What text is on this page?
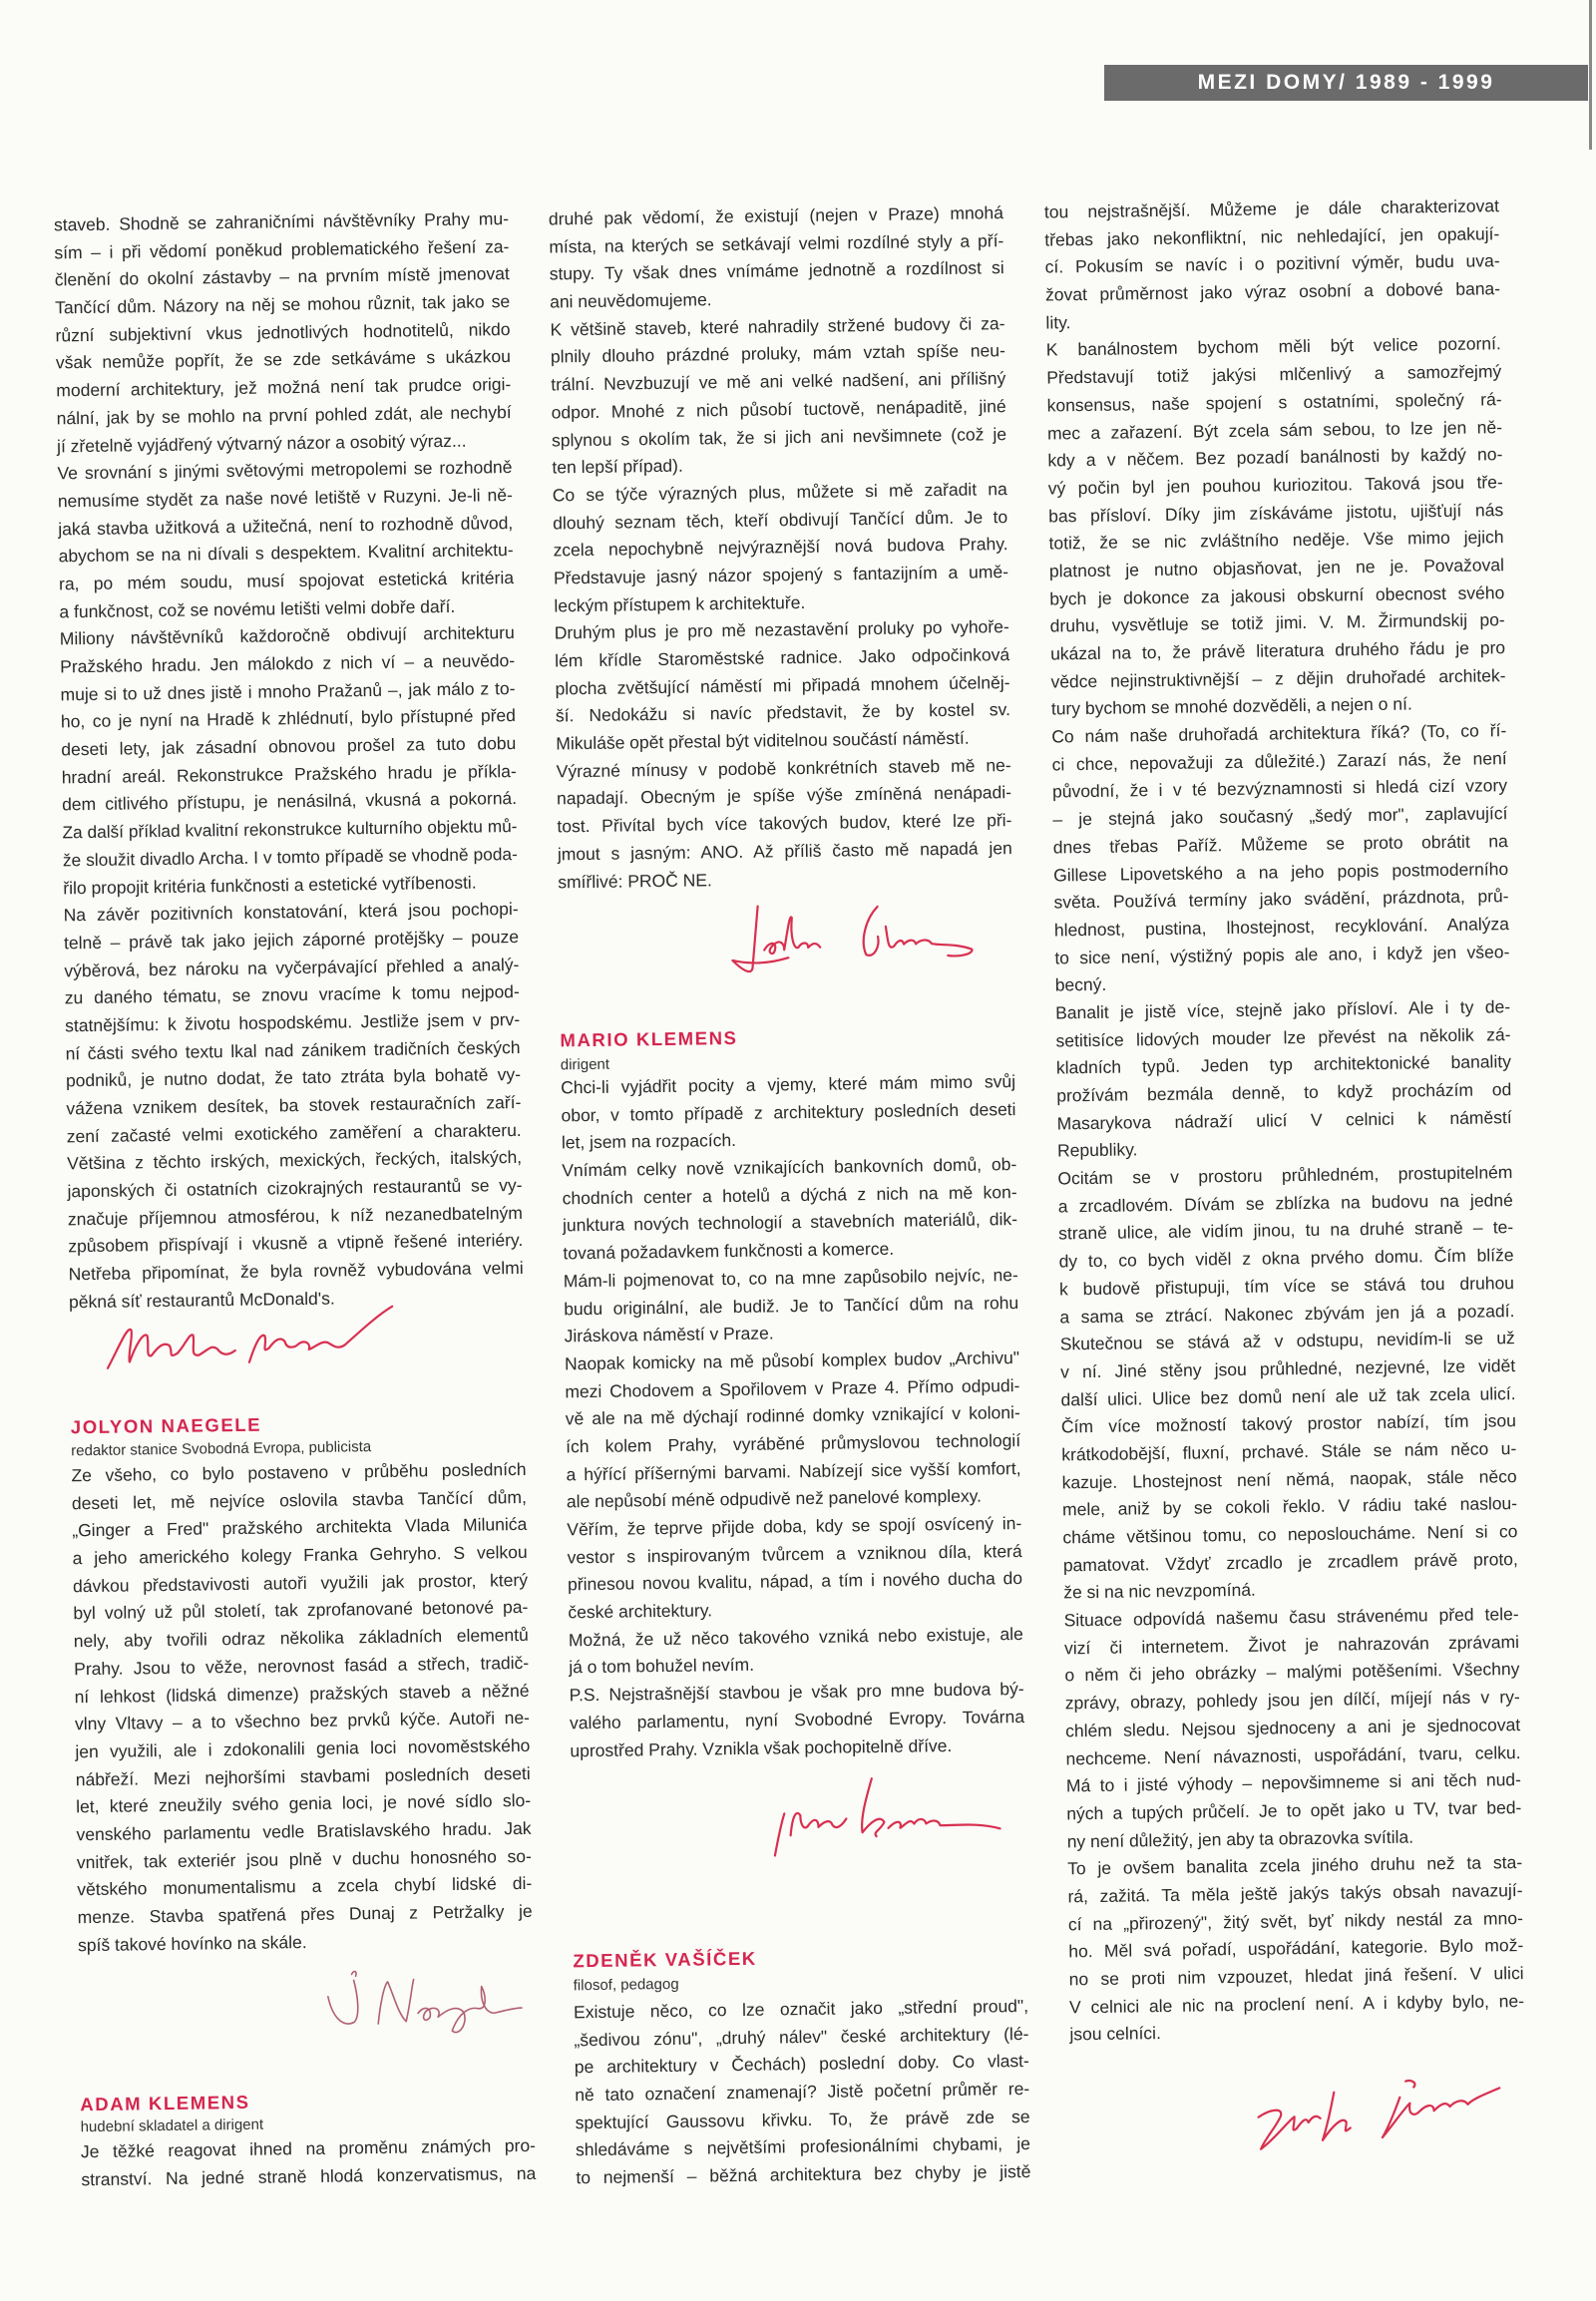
MEZI DOMY/ 1989 - 1999
staveb. Shodně se zahraničními návštěvníky Prahy mu-
sím – i při vědomí poněkud problematického řešení za-
členění do okolní zástavby – na prvním místě jmenovat
Tančící dům. Názory na něj se mohou různit, tak jako se
různí subjektivní vkus jednotlivých hodnotitelů, nikdo
však nemůže popřít, že se zde setkáváme s ukázkou
moderní architektury, jež možná není tak prudce origi-
nální, jak by se mohlo na první pohled zdát, ale nechybí
jí zřetelně vyjádřený výtvarný názor a osobitý výraz...
Ve srovnání s jinými světovými metropolemi se rozhodně
nemusíme stydět za naše nové letiště v Ruzyni. Je-li ně-
jaká stavba užitková a užitečná, není to rozhodně důvod,
abychom se na ni dívali s despektem. Kvalitní architektu-
ra, po mém soudu, musí spojovat estetická kritéria
a funkčnost, což se novému letišti velmi dobře daří.
Miliony návštěvníků každoročně obdivují architekturu
Pražského hradu. Jen málokdo z nich ví – a neuvědo-
muje si to už dnes jistě i mnoho Pražanů –, jak málo z to-
ho, co je nyní na Hradě k zhlédnutí, bylo přístupné před
deseti lety, jak zásadní obnovou prošel za tuto dobu
hradní areál. Rekonstrukce Pražského hradu je příkla-
dem citlivého přístupu, je nenásilná, vkusná a pokorná.
Za další příklad kvalitní rekonstrukce kulturního objektu mů-
že sloužit divadlo Archa. I v tomto případě se vhodně poda-
řilo propojit kritéria funkčnosti a estetické vytříbenosti.
Na závěr pozitivních konstatování, která jsou pochopi-
telně – právě tak jako jejich záporné protějšky – pouze
výběrová, bez nároku na vyčerpávající přehled a analý-
zu daného tématu, se znovu vracíme k tomu nejpod-
statnějšímu: k životu hospodskému. Jestliže jsem v prv-
ní části svého textu lkal nad zánikem tradičních českých
podniků, je nutno dodat, že tato ztráta byla bohatě vy-
vážena vznikem desítek, ba stovek restauračních zaří-
zení začasté velmi exotického zaměření a charakteru.
Většina z těchto irských, mexických, řeckých, italských,
japonských či ostatních cizokrajných restaurantů se vy-
značuje příjemnou atmosférou, k níž nezanedbatelným
způsobem přispívají i vkusně a vtipně řešené interiéry.
Netřeba připomínat, že byla rovněž vybudována velmi
pěkná síť restaurantů McDonald's.
JOLYON NAEGELE
redaktor stanice Svobodná Evropa, publicista
Ze všeho, co bylo postaveno v průběhu posledních
deseti let, mě nejvíce oslovila stavba Tančící dům,
„Ginger a Fred" pražského architekta Vlada Milunića
a jeho amerického kolegy Franka Gehryho. S velkou
dávkou představivosti autoři využili jak prostor, který
byl volný už půl století, tak zprofanované betonové pa-
nely, aby tvořili odraz několika základních elementů
Prahy. Jsou to věže, nerovnost fasád a střech, tradič-
ní lehkost (lidská dimenze) pražských staveb a něžné
vlny Vltavy – a to všechno bez prvků kýče. Autoři ne-
jen využili, ale i zdokonalili genia loci novoměstského
nábřeží. Mezi nejhoršími stavbami posledních deseti
let, které zneužily svého genia loci, je nové sídlo slo-
venského parlamentu vedle Bratislavského hradu. Jak
vnitřek, tak exteriér jsou plně v duchu honosného so-
větského monumentalismu a zcela chybí lidské di-
menze. Stavba spatřená přes Dunaj z Petržalky je
spíš takové hovínko na skále.
ADAM KLEMENS
hudební skladatel a dirigent
Je těžké reagovat ihned na proměnu známých pro-
stranství. Na jedné straně hlodá konzervatismus, na
druhé pak vědomí, že existují (nejen v Praze) mnohá
místa, na kterých se setkávají velmi rozdílné styly a pří-
stupy. Ty však dnes vnímáme jednotně a rozdílnost si
ani neuvědomujeme.
K většině staveb, které nahradily stržené budovy či za-
plnily dlouho prázdné proluky, mám vztah spíše neu-
trální. Nevzbuzují ve mě ani velké nadšení, ani přílišný
odpor. Mnohé z nich působí tuctově, nenápaditě, jiné
splynou s okolím tak, že si jich ani nevšimnete (což je
ten lepší případ).
Co se týče výrazných plus, můžete si mě zařadit na
dlouhý seznam těch, kteří obdivují Tančící dům. Je to
zcela nepochybně nejvýraznější nová budova Prahy.
Představuje jasný názor spojený s fantazijním a umě-
leckým přístupem k architektuře.
Druhým plus je pro mě nezastavění proluky po vyhoře-
lém křídle Staroměstské radnice. Jako odpočinková
plocha zvětšující náměstí mi připadá mnohem účelněj-
ší. Nedokážu si navíc představit, že by kostel sv.
Mikuláše opět přestal být viditelnou součástí náměstí.
Výrazné mínusy v podobě konkrétních staveb mě ne-
napadají. Obecným je spíše výše zmíněná nenápadi-
tost. Přivítal bych více takových budov, které lze při-
jmout s jasným: ANO. Až příliš často mě napadá jen
smířlivé: PROČ NE.
MARIO KLEMENS
dirigent
Chci-li vyjádřit pocity a vjemy, které mám mimo svůj
obor, v tomto případě z architektury posledních deseti
let, jsem na rozpacích.
Vnímám celky nově vznikajících bankovních domů, ob-
chodních center a hotelů a dýchá z nich na mě kon-
junktura nových technologií a stavebních materiálů, dik-
tovaná požadavkem funkčnosti a komerce.
Mám-li pojmenovat to, co na mne zapůsobilo nejvíc, ne-
budu originální, ale budiž. Je to Tančící dům na rohu
Jiráskova náměstí v Praze.
Naopak komicky na mě působí komplex budov „Archivu"
mezi Chodovem a Spořilovem v Praze 4. Přímo odpudi-
vě ale na mě dýchají rodinné domky vznikající v koloni-
ích kolem Prahy, vyráběné průmyslovou technologií
a hýřící příšernými barvami. Nabízejí sice vyšší komfort,
ale nepůsobí méně odpudivě než panelové komplexy.
Věřím, že teprve přijde doba, kdy se spojí osvícený in-
vestor s inspirovaným tvůrcem a vzniknou díla, která
přinesou novou kvalitu, nápad, a tím i nového ducha do
české architektury.
Možná, že už něco takového vzniká nebo existuje, ale
já o tom bohužel nevím.
P.S. Nejstrašnější stavbou je však pro mne budova bý-
valého parlamentu, nyní Svobodné Evropy. Továrna
uprostřed Prahy. Vznikla však pochopitelně dříve.
ZDENĚK VAŠÍČEK
filosof, pedagog
Existuje něco, co lze označit jako „střední proud",
„šedivou zónu", „druhý nálev" české architektury (lé-
pe architektury v Čechách) poslední doby. Co vlast-
ně tato označení znamenají? Jistě početní průměr re-
spektující Gaussovu křivku. To, že právě zde se
shledáváme s největšími profesionálními chybami, je
to nejmenší – běžná architektura bez chyby je jistě
tou nejstrašnější. Můžeme je dále charakterizovat
třebas jako nekonfliktní, nic nehledající, jen opakují-
cí. Pokusím se navíc i o pozitivní výměr, budu uva-
žovat průměrnost jako výraz osobní a dobové bana-
lity.
K banálnostem bychom měli být velice pozorní.
Představují totiž jakýsi mlčenlivý a samozřejmý
konsensus, naše spojení s ostatními, společný rá-
mec a zařazení. Být zcela sám sebou, to lze jen ně-
kdy a v něčem. Bez pozadí banálnosti by každý no-
vý počin byl jen pouhou kuriozitou. Taková jsou tře-
bas přísloví. Díky jim získáváme jistotu, ujišťují nás
totiž, že se nic zvláštního neděje. Vše mimo jejich
platnost je nutno objasňovat, jen ne je. Považoval
bych je dokonce za jakousi obskurní obecnost svého
druhu, vysvětluje se totiž jimi. V. M. Žirmundskij po-
ukázal na to, že právě literatura druhého řádu je pro
vědce nejinstruktivnější – z dějin druhořadé architek-
tury bychom se mnohé dozvěděli, a nejen o ní.
Co nám naše druhořadá architektura říká? (To, co ří-
ci chce, nepovažuji za důležité.) Zarazí nás, že není
původní, že i v té bezvýznamnosti si hledá cizí vzory
– je stejná jako současný „šedý mor", zaplavující
dnes třebas Paříž. Můžeme se proto obrátit na
Gillese Lipovetského a na jeho popis postmoderního
světa. Používá termíny jako svádění, prázdnota, prů-
hlednost, pustina, lhostejnost, recyklování. Analýza
to sice není, výstižný popis ale ano, i když jen všeo-
becný.
Banalit je jistě více, stejně jako přísloví. Ale i ty de-
setitisíce lidových mouder lze převést na několik zá-
kladních typů. Jeden typ architektonické banality
prožívám bezmála denně, to když procházím od
Masarykova nádraží ulicí V celnici k náměstí
Republiky.
Ocitám se v prostoru průhledném, prostupitelném
a zrcadlovém. Dívám se zblízka na budovu na jedné
straně ulice, ale vidím jinou, tu na druhé straně – te-
dy to, co bych viděl z okna prvého domu. Čím blíže
k budově přistupuji, tím více se stává tou druhou
a sama se ztrácí. Nakonec zbývám jen já a pozadí.
Skutečnou se stává až v odstupu, nevidím-li se už
v ní. Jiné stěny jsou průhledné, nezjevné, lze vidět
další ulici. Ulice bez domů není ale už tak zcela ulicí.
Čím více možností takový prostor nabízí, tím jsou
krátkodobější, fluxní, prchavé. Stále se nám něco u-
kazuje. Lhostejnost není němá, naopak, stále něco
mele, aniž by se cokoli řeklo. V rádiu také naslou-
cháme většinou tomu, co neposloucháme. Není si co
pamatovat. Vždyť zrcadlo je zrcadlem právě proto,
že si na nic nevzpomíná.
Situace odpovídá našemu času strávenému před tele-
vizí či internetem. Život je nahrazován zprávami
o něm či jeho obrázky – malými potěšeními. Všechny
zprávy, obrazy, pohledy jsou jen dílčí, míjejí nás v ry-
chlém sledu. Nejsou sjednoceny a ani je sjednocovat
nechceme. Není návaznosti, uspořádání, tvaru, celku.
Má to i jisté výhody – nepovšimneme si ani těch nud-
ných a tupých průčelí. Je to opět jako u TV, tvar bed-
ny není důležitý, jen aby ta obrazovka svítila.
To je ovšem banalita zcela jiného druhu než ta sta-
rá, zažitá. Ta měla ještě jakýs takýs obsah navazují-
cí na „přirozený", žitý svět, byť nikdy nestál za mno-
ho. Měl svá pořadí, uspořádání, kategorie. Bylo mož-
no se proti nim vzpouzet, hledat jiná řešení. V ulici
V celnici ale nic na proclení není. A i kdyby bylo, ne-
jsou celníci.
